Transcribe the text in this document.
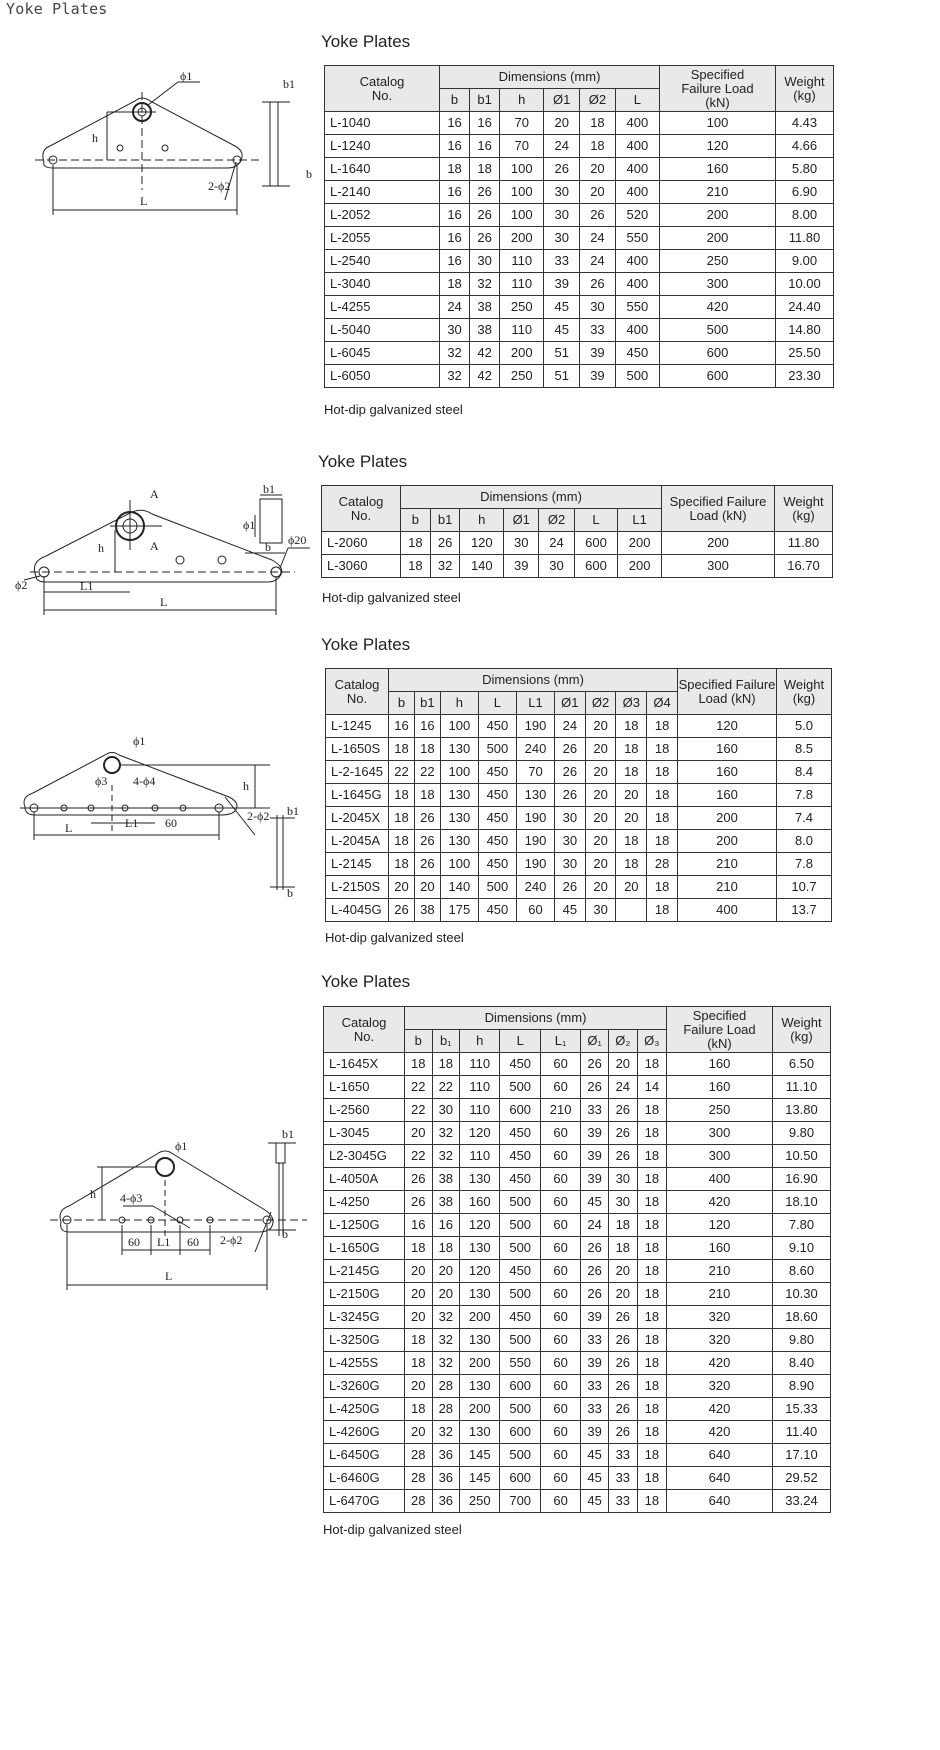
Yoke Plates
ϕ1
h
L
2-ϕ2
b1
b
Yoke Plates
Catalog
No.	Dimensions (mm)						Specified
Failure Load
(kN)	Weight
(kg)
	b	b1	h	Ø1	Ø2	L		
L-1040	16	16	70	20	18	400	100	4.43
L-1240	16	16	70	24	18	400	120	4.66
L-1640	18	18	100	26	20	400	160	5.80
L-2140	16	26	100	30	20	400	210	6.90
L-2052	16	26	100	30	26	520	200	8.00
L-2055	16	26	200	30	24	550	200	11.80
L-2540	16	30	110	33	24	400	250	9.00
L-3040	18	32	110	39	26	400	300	10.00
L-4255	24	38	250	45	30	550	420	24.40
L-5040	30	38	110	45	33	400	500	14.80
L-6045	32	42	200	51	39	450	600	25.50
L-6050	32	42	250	51	39	500	600	23.30
Hot-dip galvanized steel
A
A
h
ϕ20
ϕ2	L1
L
b1
ϕ1
b
Yoke Plates
Catalog
No.	Dimensions (mm)							Specified Failure
Load (kN)	Weight
(kg)
	b	b1	h	Ø1	Ø2	L	L1		
L-2060	18	26	120	30	24	600	200	200	11.80
L-3060	18	32	140	39	30	600	200	300	16.70
Hot-dip galvanized steel
ϕ1
ϕ3 4-ϕ4	h
2-ϕ2
L	L1 60
b1
b
Yoke Plates
Catalog
No.	Dimensions (mm)									Specified Failure
Load (kN)	Weight
(kg)
	b	b1	h	L	L1	Ø1	Ø2	Ø3	Ø4		
L-1245	16	16	100	450	190	24	20	18	18	120	5.0
L-1650S	18	18	130	500	240	26	20	18	18	160	8.5
L-2-1645	22	22	100	450	70	26	20	18	18	160	8.4
L-1645G	18	18	130	450	130	26	20	20	18	160	7.8
L-2045X	18	26	130	450	190	30	20	20	18	200	7.4
L-2045A	18	26	130	450	190	30	20	18	18	200	8.0
L-2145	18	26	100	450	190	30	20	18	28	210	7.8
L-2150S	20	20	140	500	240	26	20	20	18	210	10.7
L-4045G	26	38	175	450	60	45	30		18	400	13.7
Hot-dip galvanized steel
ϕ1
h 4-ϕ3
60 L1 60 2-ϕ2
L
b1
b
Yoke Plates
Catalog
No.	Dimensions (mm)								Specified
Failure Load
(kN)	Weight
(kg)
	b	b₁	h	L	L₁	Ø₁	Ø₂	Ø₃		
L-1645X	18	18	110	450	60	26	20	18	160	6.50
L-1650	22	22	110	500	60	26	24	14	160	11.10
L-2560	22	30	110	600	210	33	26	18	250	13.80
L-3045	20	32	120	450	60	39	26	18	300	9.80
L2-3045G	22	32	110	450	60	39	26	18	300	10.50
L-4050A	26	38	130	450	60	39	30	18	400	16.90
L-4250	26	38	160	500	60	45	30	18	420	18.10
L-1250G	16	16	120	500	60	24	18	18	120	7.80
L-1650G	18	18	130	500	60	26	18	18	160	9.10
L-2145G	20	20	120	450	60	26	20	18	210	8.60
L-2150G	20	20	130	500	60	26	20	18	210	10.30
L-3245G	20	32	200	450	60	39	26	18	320	18.60
L-3250G	18	32	130	500	60	33	26	18	320	9.80
L-4255S	18	32	200	550	60	39	26	18	420	8.40
L-3260G	20	28	130	600	60	33	26	18	320	8.90
L-4250G	18	28	200	500	60	33	26	18	420	15.33
L-4260G	20	32	130	600	60	39	26	18	420	11.40
L-6450G	28	36	145	500	60	45	33	18	640	17.10
L-6460G	28	36	145	600	60	45	33	18	640	29.52
L-6470G	28	36	250	700	60	45	33	18	640	33.24
Hot-dip galvanized steel
